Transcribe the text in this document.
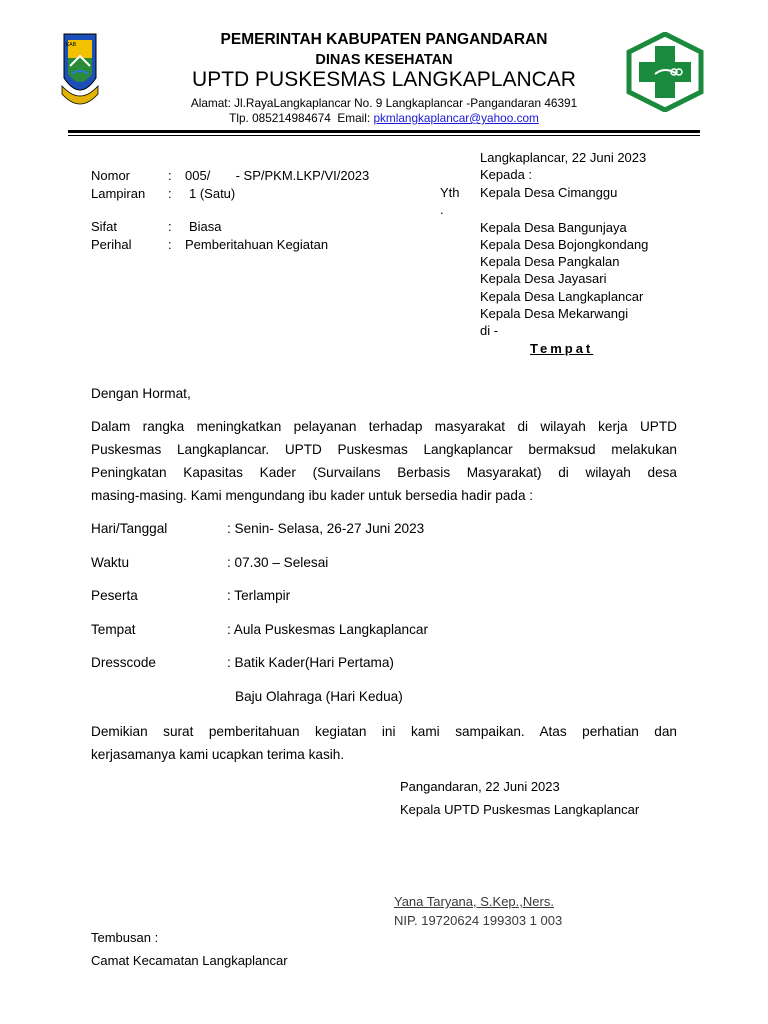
KAB	PEMERINTAH KABUPATEN PANGANDARAN
DINAS KESEHATAN
UPTD PUSKESMAS LANGKAPLANCAR
Alamat: Jl.RayaLangkaplancar No. 9 Langkaplancar -Pangandaran 46391
Tlp. 085214984674  Email: pkmlangkaplancar@yahoo.com
Nomor	: 005/       - SP/PKM.LKP/VI/2023
Lampiran : 1 (Satu)
Sifat	: Biasa
Perihal	: Pemberitahuan Kegiatan
Langkaplancar, 22 Juni 2023
Kepada :
Yth
.
Kepala Desa Cimanggu
Kepala Desa Bangunjaya
Kepala Desa Bojongkondang
Kepala Desa Pangkalan
Kepala Desa Jayasari
Kepala Desa Langkaplancar
Kepala Desa Mekarwangi
di -
Tempat
Dengan Hormat,
Dalam rangka meningkatkan pelayanan terhadap masyarakat di wilayah kerja UPTD
Puskesmas Langkaplancar. UPTD Puskesmas Langkaplancar bermaksud melakukan
Peningkatan Kapasitas Kader (Survailans Berbasis Masyarakat) di wilayah desa
masing-masing. Kami mengundang ibu kader untuk bersedia hadir pada :
Hari/Tanggal	: Senin- Selasa, 26-27 Juni 2023
Waktu	: 07.30 – Selesai
Peserta	: Terlampir
Tempat	: Aula Puskesmas Langkaplancar
Dresscode	: Batik Kader(Hari Pertama)
Baju Olahraga (Hari Kedua)
Demikian surat pemberitahuan kegiatan ini kami sampaikan. Atas perhatian dan
kerjasamanya kami ucapkan terima kasih.
Pangandaran, 22 Juni 2023
Kepala UPTD Puskesmas Langkaplancar
Yana Taryana, S.Kep.,Ners.
NIP. 19720624 199303 1 003
Tembusan :
Camat Kecamatan Langkaplancar
